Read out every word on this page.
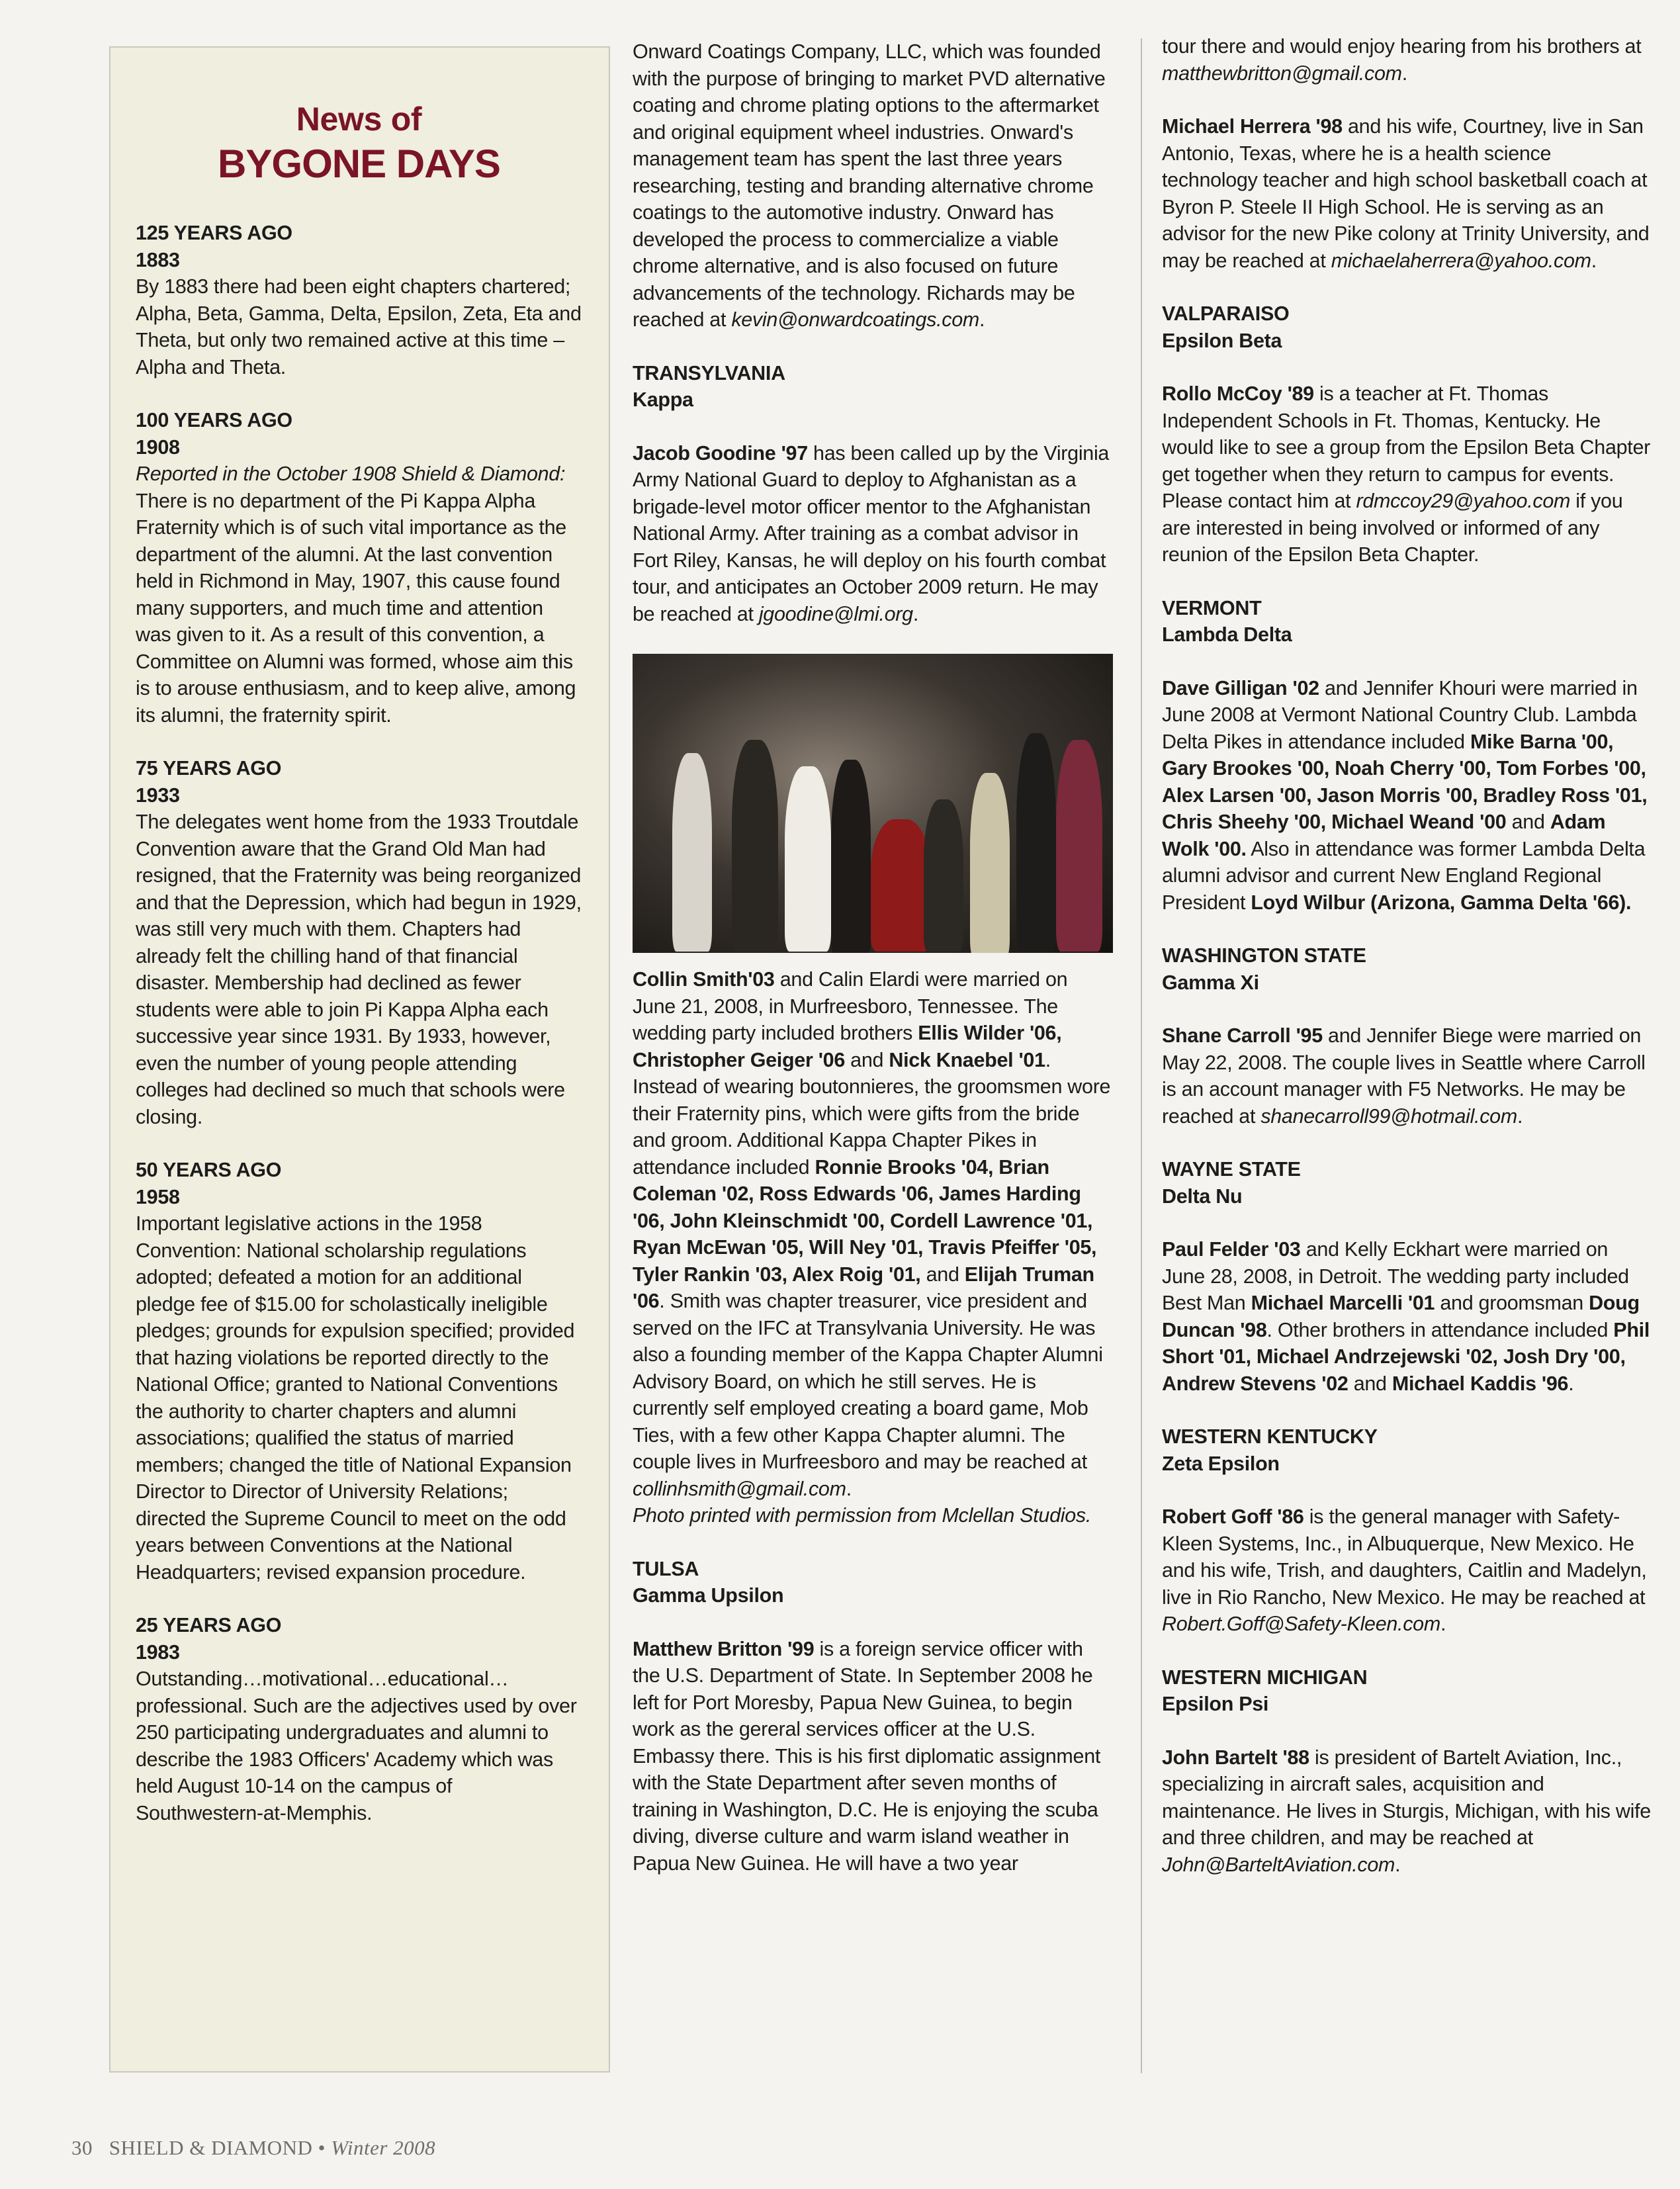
News of
BYGONE DAYS
125 YEARS AGO
1883

By 1883 there had been eight chapters chartered; Alpha, Beta, Gamma, Delta, Epsilon, Zeta, Eta and Theta, but only two remained active at this time – Alpha and Theta.

100 YEARS AGO
1908

Reported in the October 1908 Shield & Diamond:
There is no department of the Pi Kappa Alpha Fraternity which is of such vital importance as the department of the alumni. At the last convention held in Richmond in May, 1907, this cause found many supporters, and much time and attention was given to it. As a result of this convention, a Committee on Alumni was formed, whose aim this is to arouse enthusiasm, and to keep alive, among its alumni, the fraternity spirit.

75 YEARS AGO
1933

The delegates went home from the 1933 Troutdale Convention aware that the Grand Old Man had resigned, that the Fraternity was being reorganized and that the Depression, which had begun in 1929, was still very much with them. Chapters had already felt the chilling hand of that financial disaster. Membership had declined as fewer students were able to join Pi Kappa Alpha each successive year since 1931. By 1933, however, even the number of young people attending colleges had declined so much that schools were closing.

50 YEARS AGO
1958

Important legislative actions in the 1958 Convention: National scholarship regulations adopted; defeated a motion for an additional pledge fee of $15.00 for scholastically ineligible pledges; grounds for expulsion specified; provided that hazing violations be reported directly to the National Office; granted to National Conventions the authority to charter chapters and alumni associations; qualified the status of married members; changed the title of National Expansion Director to Director of University Relations; directed the Supreme Council to meet on the odd years between Conventions at the National Headquarters; revised expansion procedure.

25 YEARS AGO
1983

Outstanding…motivational…educational…professional. Such are the adjectives used by over 250 participating undergraduates and alumni to describe the 1983 Officers' Academy which was held August 10-14 on the campus of Southwestern-at-Memphis.

Onward Coatings Company, LLC, which was founded with the purpose of bringing to market PVD alternative coating and chrome plating options to the aftermarket and original equipment wheel industries. Onward's management team has spent the last three years researching, testing and branding alternative chrome coatings to the automotive industry. Onward has developed the process to commercialize a viable chrome alternative, and is also focused on future advancements of the technology. Richards may be reached at kevin@onwardcoatings.com.

TRANSYLVANIA
Kappa

Jacob Goodine '97 has been called up by the Virginia Army National Guard to deploy to Afghanistan as a brigade-level motor officer mentor to the Afghanistan National Army. After training as a combat advisor in Fort Riley, Kansas, he will deploy on his fourth combat tour, and anticipates an October 2009 return. He may be reached at jgoodine@lmi.org.

Collin Smith'03 and Calin Elardi were married on June 21, 2008, in Murfreesboro, Tennessee. The wedding party included brothers Ellis Wilder '06, Christopher Geiger '06 and Nick Knaebel '01. Instead of wearing boutonnieres, the groomsmen wore their Fraternity pins, which were gifts from the bride and groom. Additional Kappa Chapter Pikes in attendance included Ronnie Brooks '04, Brian Coleman '02, Ross Edwards '06, James Harding '06, John Kleinschmidt '00, Cordell Lawrence '01, Ryan McEwan '05, Will Ney '01, Travis Pfeiffer '05, Tyler Rankin '03, Alex Roig '01, and Elijah Truman '06. Smith was chapter treasurer, vice president and served on the IFC at Transylvania University. He was also a founding member of the Kappa Chapter Alumni Advisory Board, on which he still serves. He is currently self employed creating a board game, Mob Ties, with a few other Kappa Chapter alumni. The couple lives in Murfreesboro and may be reached at collinhsmith@gmail.com.
Photo printed with permission from Mclellan Studios.

TULSA
Gamma Upsilon

Matthew Britton '99 is a foreign service officer with the U.S. Department of State. In September 2008 he left for Port Moresby, Papua New Guinea, to begin work as the gereral services officer at the U.S. Embassy there. This is his first diplomatic assignment with the State Department after seven months of training in Washington, D.C. He is enjoying the scuba diving, diverse culture and warm island weather in Papua New Guinea. He will have a two year

tour there and would enjoy hearing from his brothers at matthewbritton@gmail.com.

Michael Herrera '98 and his wife, Courtney, live in San Antonio, Texas, where he is a health science technology teacher and high school basketball coach at Byron P. Steele II High School. He is serving as an advisor for the new Pike colony at Trinity University, and may be reached at michaelaherrera@yahoo.com.

VALPARAISO
Epsilon Beta

Rollo McCoy '89 is a teacher at Ft. Thomas Independent Schools in Ft. Thomas, Kentucky. He would like to see a group from the Epsilon Beta Chapter get together when they return to campus for events. Please contact him at rdmccoy29@yahoo.com if you are interested in being involved or informed of any reunion of the Epsilon Beta Chapter.

VERMONT
Lambda Delta

Dave Gilligan '02 and Jennifer Khouri were married in June 2008 at Vermont National Country Club. Lambda Delta Pikes in attendance included Mike Barna '00, Gary Brookes '00, Noah Cherry '00, Tom Forbes '00, Alex Larsen '00, Jason Morris '00, Bradley Ross '01, Chris Sheehy '00, Michael Weand '00 and Adam Wolk '00. Also in attendance was former Lambda Delta alumni advisor and current New England Regional President Loyd Wilbur (Arizona, Gamma Delta '66).

WASHINGTON STATE
Gamma Xi

Shane Carroll '95 and Jennifer Biege were married on May 22, 2008. The couple lives in Seattle where Carroll is an account manager with F5 Networks. He may be reached at shanecarroll99@hotmail.com.

WAYNE STATE
Delta Nu

Paul Felder '03 and Kelly Eckhart were married on June 28, 2008, in Detroit. The wedding party included Best Man Michael Marcelli '01 and groomsman Doug Duncan '98. Other brothers in attendance included Phil Short '01, Michael Andrzejewski '02, Josh Dry '00, Andrew Stevens '02 and Michael Kaddis '96.

WESTERN KENTUCKY
Zeta Epsilon

Robert Goff '86 is the general manager with Safety-Kleen Systems, Inc., in Albuquerque, New Mexico. He and his wife, Trish, and daughters, Caitlin and Madelyn, live in Rio Rancho, New Mexico. He may be reached at Robert.Goff@Safety-Kleen.com.

WESTERN MICHIGAN
Epsilon Psi

John Bartelt '88 is president of Bartelt Aviation, Inc., specializing in aircraft sales, acquisition and maintenance. He lives in Sturgis, Michigan, with his wife and three children, and may be reached at John@BarteltAviation.com.

30 SHIELD & DIAMOND • Winter 2008
